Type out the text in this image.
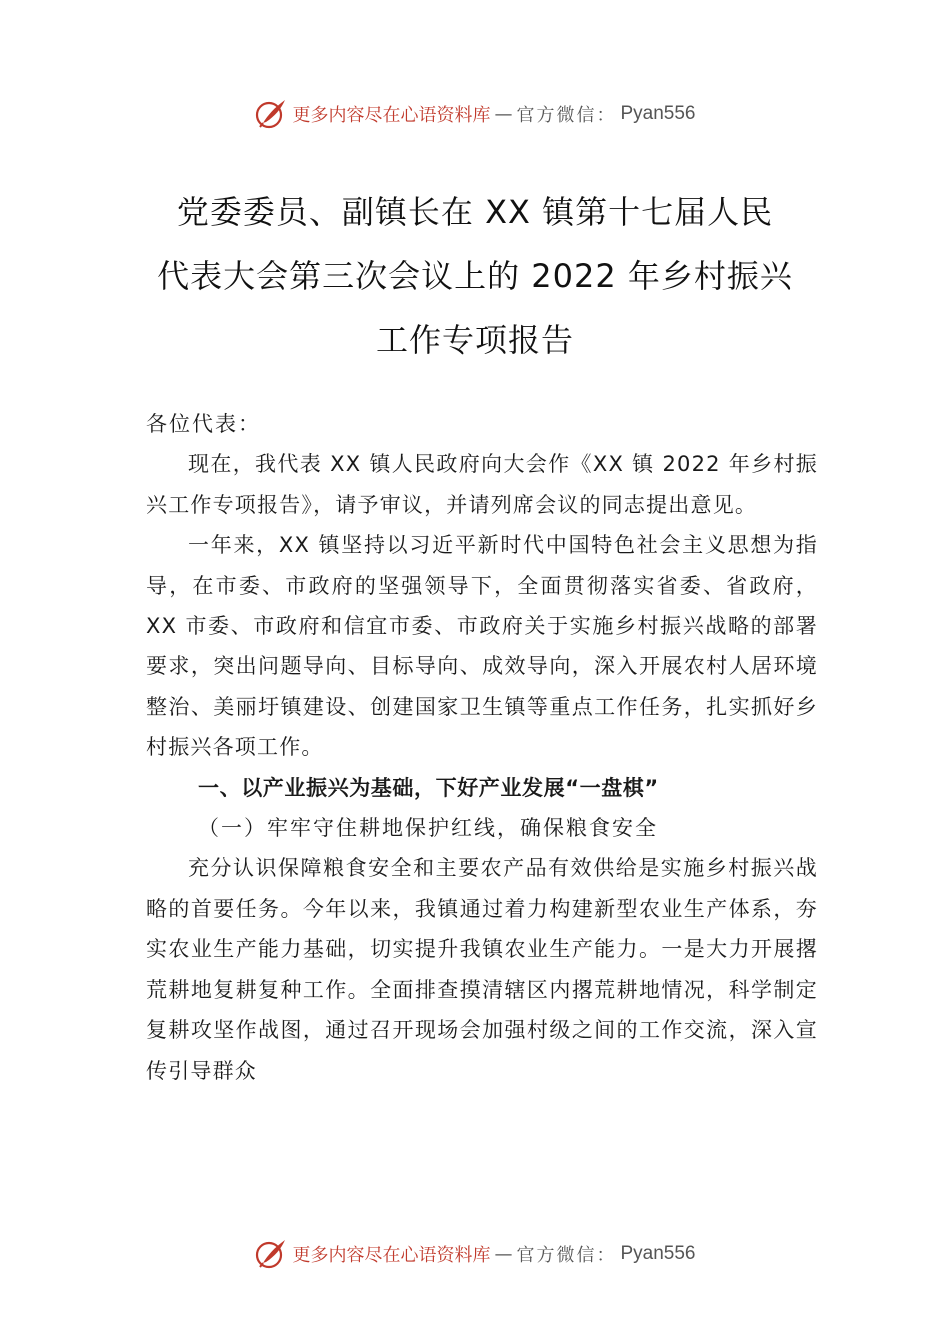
更多内容尽在心语资料库 — 官方微信： Pyan556
党委委员、副镇长在 XX 镇第十七届人民
代表大会第三次会议上的 2022 年乡村振兴
工作专项报告

各位代表：

现在，我代表 XX 镇人民政府向大会作《XX 镇 2022 年乡村振兴工作专项报告》，请予审议，并请列席会议的同志提出意见。

一年来，XX 镇坚持以习近平新时代中国特色社会主义思想为指导，在市委、市政府的坚强领导下，全面贯彻落实省委、省政府，XX 市委、市政府和信宜市委、市政府关于实施乡村振兴战略的部署要求，突出问题导向、目标导向、成效导向，深入开展农村人居环境整治、美丽圩镇建设、创建国家卫生镇等重点工作任务，扎实抓好乡村振兴各项工作。

一、以产业振兴为基础，下好产业发展“一盘棋”
（一）牢牢守住耕地保护红线，确保粮食安全

充分认识保障粮食安全和主要农产品有效供给是实施乡村振兴战略的首要任务。今年以来，我镇通过着力构建新型农业生产体系，夯实农业生产能力基础，切实提升我镇农业生产能力。一是大力开展撂荒耕地复耕复种工作。全面排查摸清辖区内撂荒耕地情况，科学制定复耕攻坚作战图，通过召开现场会加强村级之间的工作交流，深入宣传引导群众

更多内容尽在心语资料库 — 官方微信： Pyan556
